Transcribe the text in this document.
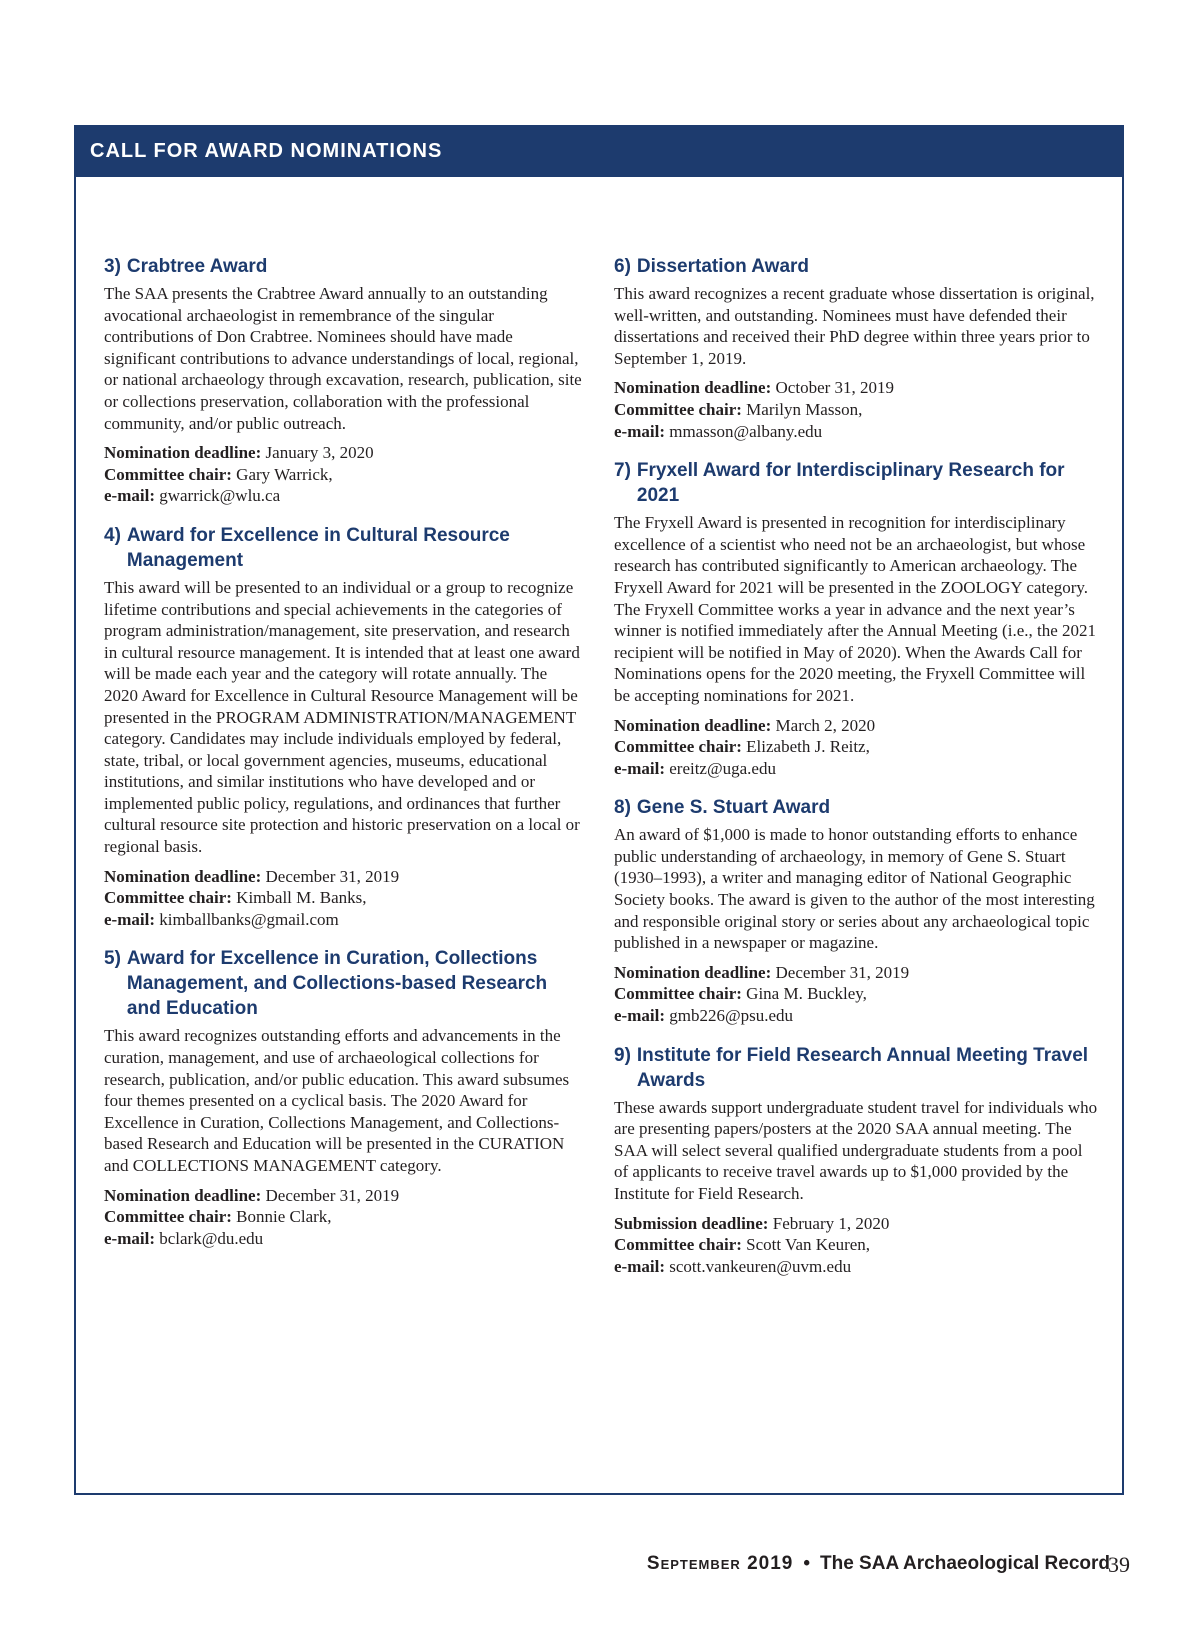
CALL FOR AWARD NOMINATIONS
3) Crabtree Award

The SAA presents the Crabtree Award annually to an outstanding avocational archaeologist in remembrance of the singular contributions of Don Crabtree. Nominees should have made significant contributions to advance understandings of local, regional, or national archaeology through excavation, research, publication, site or collections preservation, collaboration with the professional community, and/or public outreach.

Nomination deadline: January 3, 2020
Committee chair: Gary Warrick,
e-mail: gwarrick@wlu.ca
4) Award for Excellence in Cultural Resource Management

This award will be presented to an individual or a group to recognize lifetime contributions and special achievements in the categories of program administration/management, site preservation, and research in cultural resource management. It is intended that at least one award will be made each year and the category will rotate annually. The 2020 Award for Excellence in Cultural Resource Management will be presented in the PROGRAM ADMINISTRATION/MANAGEMENT category. Candidates may include individuals employed by federal, state, tribal, or local government agencies, museums, educational institutions, and similar institutions who have developed and or implemented public policy, regulations, and ordinances that further cultural resource site protection and historic preservation on a local or regional basis.

Nomination deadline: December 31, 2019
Committee chair: Kimball M. Banks,
e-mail: kimballbanks@gmail.com
5) Award for Excellence in Curation, Collections Management, and Collections-based Research and Education

This award recognizes outstanding efforts and advancements in the curation, management, and use of archaeological collections for research, publication, and/or public education. This award subsumes four themes presented on a cyclical basis. The 2020 Award for Excellence in Curation, Collections Management, and Collections-based Research and Education will be presented in the CURATION and COLLECTIONS MANAGEMENT category.

Nomination deadline: December 31, 2019
Committee chair: Bonnie Clark,
e-mail: bclark@du.edu
6) Dissertation Award

This award recognizes a recent graduate whose dissertation is original, well-written, and outstanding. Nominees must have defended their dissertations and received their PhD degree within three years prior to September 1, 2019.

Nomination deadline: October 31, 2019
Committee chair: Marilyn Masson,
e-mail: mmasson@albany.edu
7) Fryxell Award for Interdisciplinary Research for 2021

The Fryxell Award is presented in recognition for interdisciplinary excellence of a scientist who need not be an archaeologist, but whose research has contributed significantly to American archaeology. The Fryxell Award for 2021 will be presented in the ZOOLOGY category. The Fryxell Committee works a year in advance and the next year’s winner is notified immediately after the Annual Meeting (i.e., the 2021 recipient will be notified in May of 2020). When the Awards Call for Nominations opens for the 2020 meeting, the Fryxell Committee will be accepting nominations for 2021.

Nomination deadline: March 2, 2020
Committee chair: Elizabeth J. Reitz,
e-mail: ereitz@uga.edu
8) Gene S. Stuart Award

An award of $1,000 is made to honor outstanding efforts to enhance public understanding of archaeology, in memory of Gene S. Stuart (1930–1993), a writer and managing editor of National Geographic Society books. The award is given to the author of the most interesting and responsible original story or series about any archaeological topic published in a newspaper or magazine.

Nomination deadline: December 31, 2019
Committee chair: Gina M. Buckley,
e-mail: gmb226@psu.edu
9) Institute for Field Research Annual Meeting Travel Awards

These awards support undergraduate student travel for individuals who are presenting papers/posters at the 2020 SAA annual meeting. The SAA will select several qualified undergraduate students from a pool of applicants to receive travel awards up to $1,000 provided by the Institute for Field Research.

Submission deadline: February 1, 2020
Committee chair: Scott Van Keuren,
e-mail: scott.vankeuren@uvm.edu
September 2019 • The SAA Archaeological Record
39
